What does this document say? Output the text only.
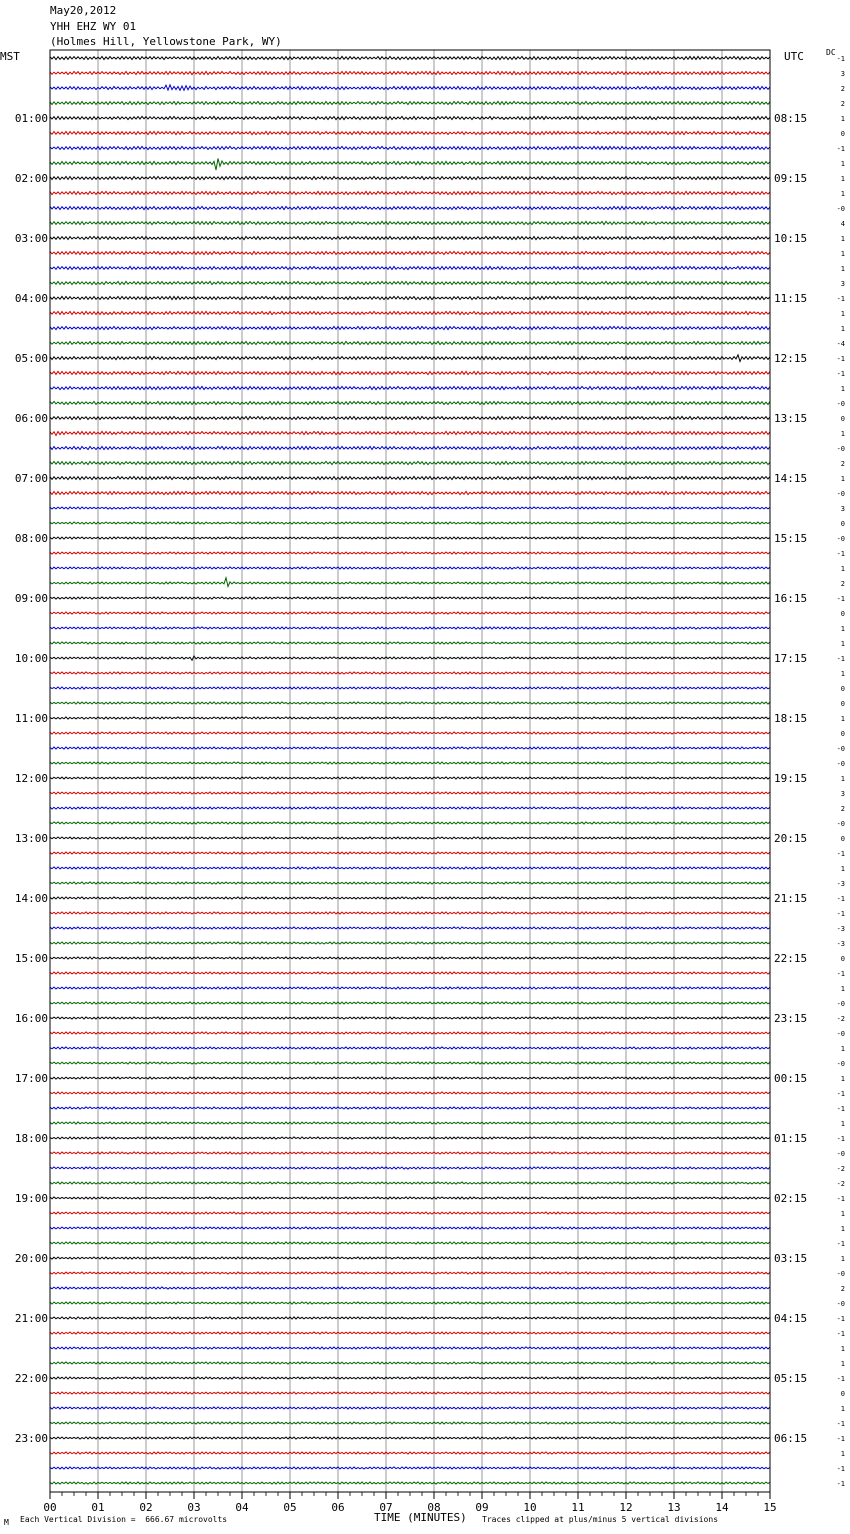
00	01	02	03	04	05	06	07	08	09	10	11	12	13	14	15
-1
3
2
2
1
0
-1
1
1
1
-0
4
1
1
1
3
-1
1
1
-4
-1
-1
1
-0
0
1
-0
2
1
-0
3
0
-0
-1
1
2
-1
0
1
1
-1
1
0
0
1
0
-0
-0
1
3
2
-0
0
-1
1
-3
-1
-1
-3
-3
0
-1
1
-0
-2
-0
1
-0
1
-1
-1
1
-1
-0
-2
-2
-1
1
1
-1
1
-0
2
-0
-1
-1
1
1
-1
0
1
-1
-1
1
-1
-1
01:00
02:00
03:00
04:00
05:00
06:00
07:00
08:00
09:00
10:00
11:00
12:00
13:00
14:00
15:00
16:00
17:00
18:00
19:00
20:00
21:00
22:00
23:00
08:15
09:15
10:15
11:15
12:15
13:15
14:15
15:15
16:15
17:15
18:15
19:15
20:15
21:15
22:15
23:15
00:15
01:15
02:15
03:15
04:15
05:15
06:15
May20,2012
YHH EHZ WY 01
(Holmes Hill, Yellowstone Park, WY)
MST	UTC	DC
M Each Vertical Division =  666.67 microvolts	TIME (MINUTES) Traces clipped at plus/minus 5 vertical divisions
